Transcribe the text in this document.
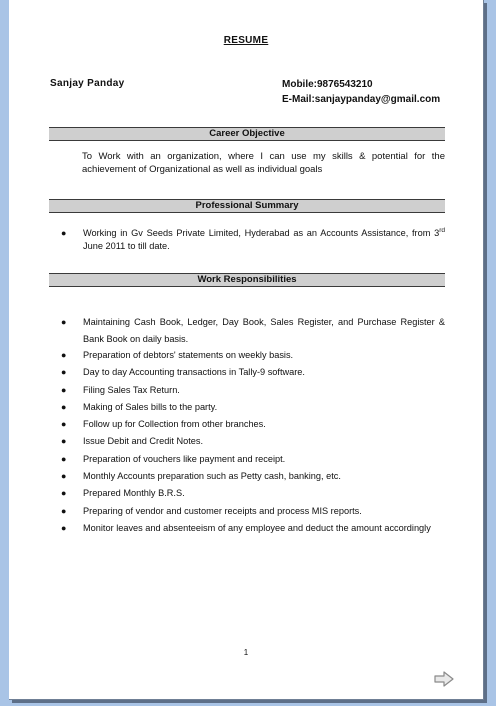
RESUME
Sanjay Panday	Mobile:9876543210
E-Mail:sanjaypanday@gmail.com
Career Objective
To Work with an organization, where I can use my skills & potential for the achievement of Organizational as well as individual goals
Professional Summary
●	Working in Gv Seeds Private Limited, Hyderabad as an Accounts Assistance, from 3rd June 2011 to till date.
Work Responsibilities
●	Maintaining Cash Book, Ledger, Day Book, Sales Register, and Purchase Register & Bank Book on daily basis.
●	Preparation of debtors' statements on weekly basis.
●	Day to day Accounting transactions in Tally-9 software.
●	Filing Sales Tax Return.
●	Making of Sales bills to the party.
●	Follow up for Collection from other branches.
●	Issue Debit and Credit Notes.
●	Preparation of vouchers like payment and receipt.
●	Monthly Accounts preparation such as Petty cash, banking, etc.
●	Prepared Monthly B.R.S.
●	Preparing of vendor and customer receipts and process MIS reports.
●	Monitor leaves and absenteeism of any employee and deduct the amount accordingly
1
